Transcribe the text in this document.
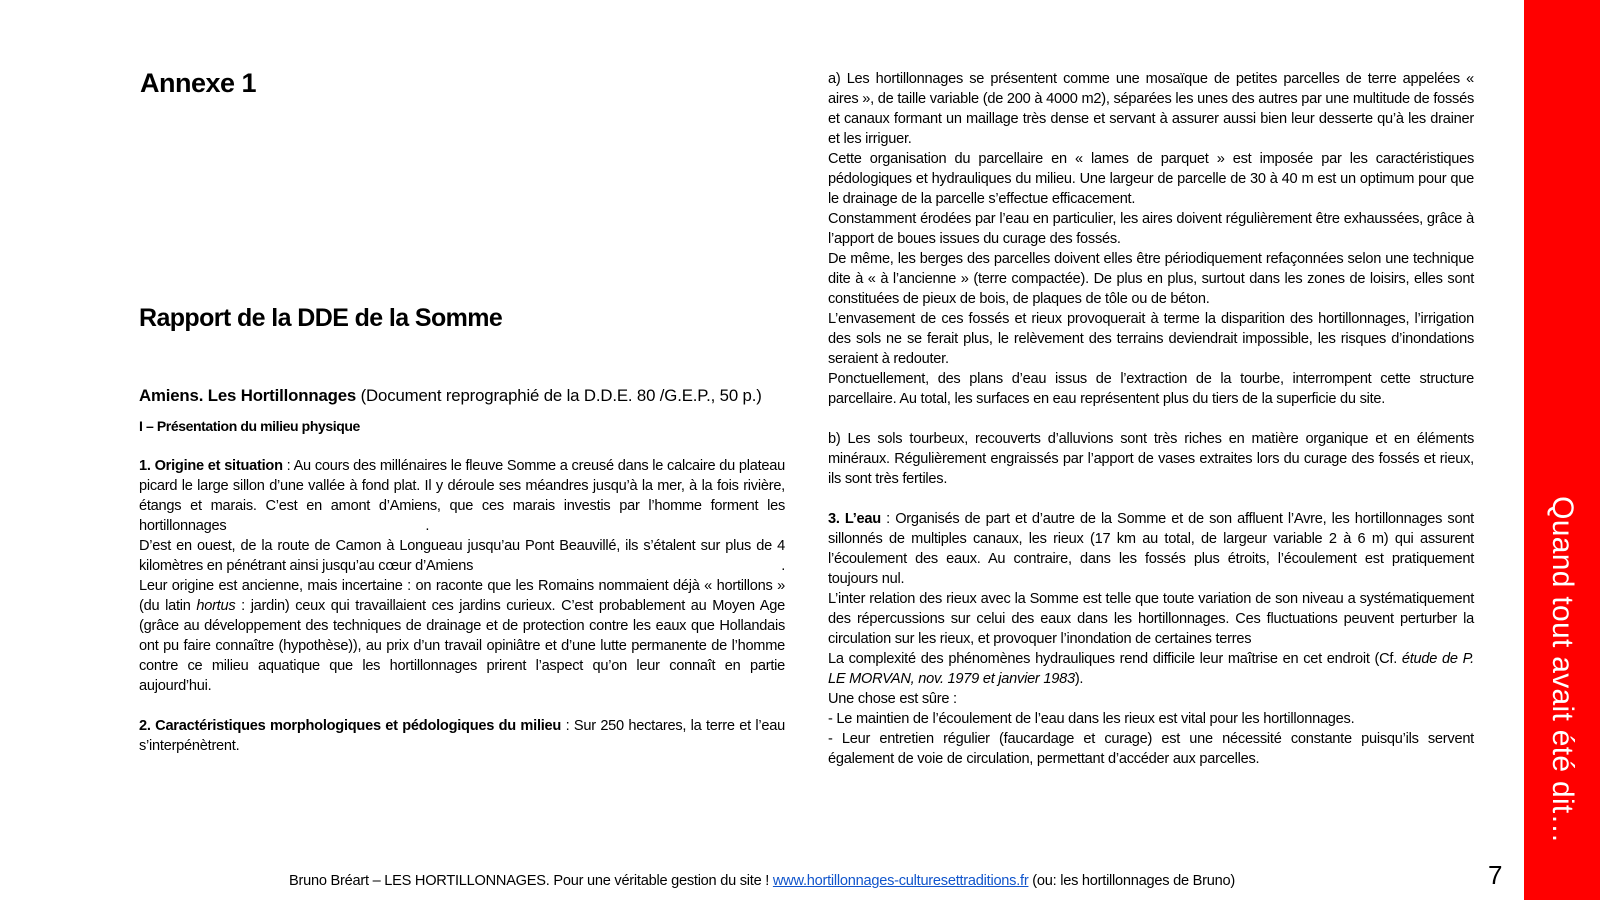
Annexe 1
Rapport de la DDE de la Somme

Amiens. Les Hortillonnages (Document reprographié de la D.D.E. 80 /G.E.P., 50 p.)

I – Présentation du milieu physique

1. Origine et situation : Au cours des millénaires le fleuve Somme a creusé dans le calcaire du plateau picard le large sillon d’une vallée à fond plat. Il y déroule ses méandres jusqu’à la mer, à la fois rivière, étangs et marais. C’est en amont d’Amiens, que ces marais investis par l’homme forment les hortillonnages	.

D’est en ouest, de la route de Camon à Longueau jusqu’au Pont Beauvillé, ils s’étalent sur plus de 4 kilomètres en pénétrant ainsi jusqu’au cœur d’Amiens	.

Leur origine est ancienne, mais incertaine : on raconte que les Romains nommaient déjà « hortillons » (du latin hortus : jardin) ceux qui travaillaient ces jardins curieux. C’est probablement au Moyen Age (grâce au développement des techniques de drainage et de protection contre les eaux que Hollandais ont pu faire connaître (hypothèse)), au prix d’un travail opiniâtre et d’une lutte permanente de l’homme contre ce milieu aquatique que les hortillonnages prirent l’aspect qu’on leur connaît en partie aujourd’hui.

2. Caractéristiques morphologiques et pédologiques du milieu : Sur 250 hectares, la terre et l’eau s’interpénètrent.

a) Les hortillonnages se présentent comme une mosaïque de petites parcelles de terre appelées « aires », de taille variable (de 200 à 4000 m2), séparées les unes des autres par une multitude de fossés et canaux formant un maillage très dense et servant à assurer aussi bien leur desserte qu’à les drainer et les irriguer.

Cette organisation du parcellaire en « lames de parquet » est imposée par les caractéristiques pédologiques et hydrauliques du milieu. Une largeur de parcelle de 30 à 40 m est un optimum pour que le drainage de la parcelle s’effectue efficacement.

Constamment érodées par l’eau en particulier, les aires doivent régulièrement être exhaussées, grâce à l’apport de boues issues du curage des fossés.

De même, les berges des parcelles doivent elles être périodiquement refaçonnées selon une technique dite à « à l’ancienne » (terre compactée). De plus en plus, surtout dans les zones de loisirs, elles sont constituées de pieux de bois, de plaques de tôle ou de béton.

L’envasement de ces fossés et rieux provoquerait à terme la disparition des hortillonnages, l’irrigation des sols ne se ferait plus, le relèvement des terrains deviendrait impossible, les risques d’inondations seraient à redouter.

Ponctuellement, des plans d’eau issus de l’extraction de la tourbe, interrompent cette structure parcellaire. Au total, les surfaces en eau représentent plus du tiers de la superficie du site.

b) Les sols tourbeux, recouverts d’alluvions sont très riches en matière organique et en éléments minéraux. Régulièrement engraissés par l’apport de vases extraites lors du curage des fossés et rieux, ils sont très fertiles.

3. L’eau : Organisés de part et d’autre de la Somme et de son affluent l’Avre, les hortillonnages sont sillonnés de multiples canaux, les rieux (17 km au total, de largeur variable 2 à 6 m) qui assurent l’écoulement des eaux. Au contraire, dans les fossés plus étroits, l’écoulement est pratiquement toujours nul.

L’inter relation des rieux avec la Somme est telle que toute variation de son niveau a systématiquement des répercussions sur celui des eaux dans les hortillonnages. Ces fluctuations peuvent perturber la circulation sur les rieux, et provoquer l’inondation de certaines terres

La complexité des phénomènes hydrauliques rend difficile leur maîtrise en cet endroit (Cf. étude de P. LE MORVAN, nov. 1979 et janvier 1983).

Une chose est sûre :

- Le maintien de l’écoulement de l’eau dans les rieux est vital pour les hortillonnages.

- Leur entretien régulier (faucardage et curage) est une nécessité constante puisqu’ils servent également de voie de circulation, permettant d’accéder aux parcelles.

Bruno Bréart – LES HORTILLONNAGES. Pour une véritable gestion du site ! www.hortillonnages-culturesettraditions.fr (ou: les hortillonnages de Bruno)	7
Quand tout avait été dit…
